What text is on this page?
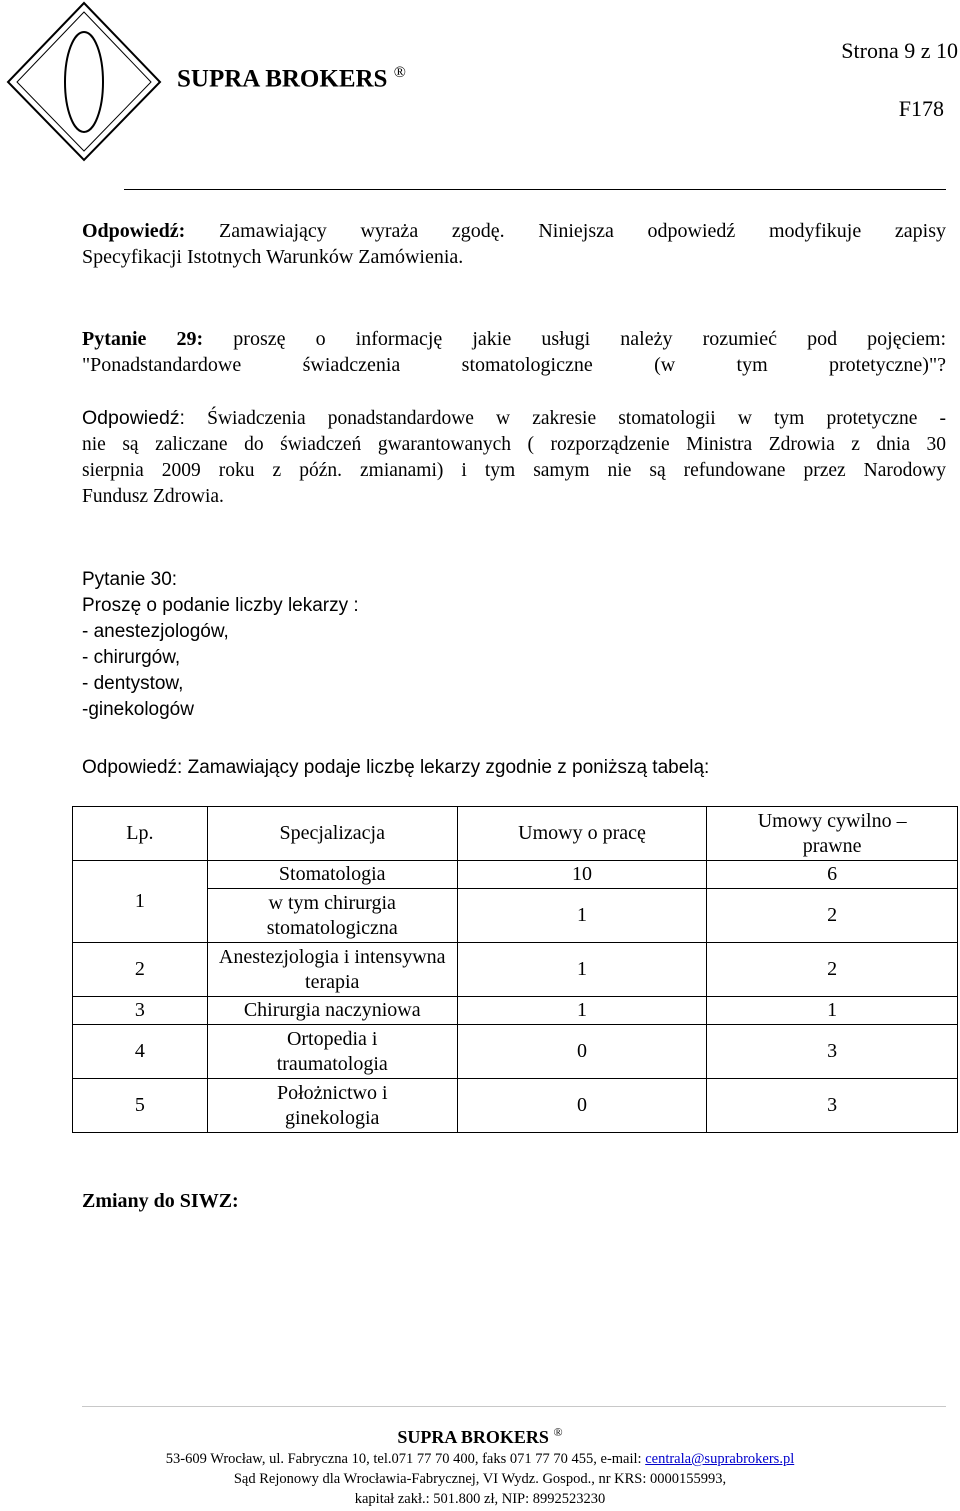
SUPRA BROKERS ®
Strona 9 z 10
F178
Odpowiedź: Zamawiający wyraża zgodę. Niniejsza odpowiedź modyfikuje zapisy
Specyfikacji Istotnych Warunków Zamówienia.
Pytanie 29: proszę o informację jakie usługi należy rozumieć pod pojęciem:
"Ponadstandardowe świadczenia stomatologiczne (w tym protetyczne)"?
Odpowiedź: Świadczenia ponadstandardowe w zakresie stomatologii w tym protetyczne -
nie są zaliczane do świadczeń gwarantowanych ( rozporządzenie Ministra Zdrowia z dnia 30
sierpnia 2009 roku z późn. zmianami) i tym samym nie są refundowane przez Narodowy
Fundusz Zdrowia.
Pytanie 30:
Proszę o podanie liczby lekarzy :
- anestezjologów,
- chirurgów,
- dentystow,
-ginekologów
Odpowiedź: Zamawiający podaje liczbę lekarzy zgodnie z poniższą tabelą:
Lp.	Specjalizacja	Umowy o pracę	Umowy cywilno – prawne
1	Stomatologia	10	6
	w tym chirurgia stomatologiczna	1	2
2	Anestezjologia i intensywna terapia	1	2
3	Chirurgia naczyniowa	1	1
4	Ortopedia i traumatologia	0	3
5	Położnictwo i ginekologia	0	3
Zmiany do SIWZ:
SUPRA BROKERS ®
53-609 Wrocław, ul. Fabryczna 10, tel.071 77 70 400, faks 071 77 70 455, e-mail: centrala@suprabrokers.pl
Sąd Rejonowy dla Wrocławia-Fabrycznej, VI Wydz. Gospod., nr KRS: 0000155993,
kapitał zakł.: 501.800 zł, NIP: 8992523230
